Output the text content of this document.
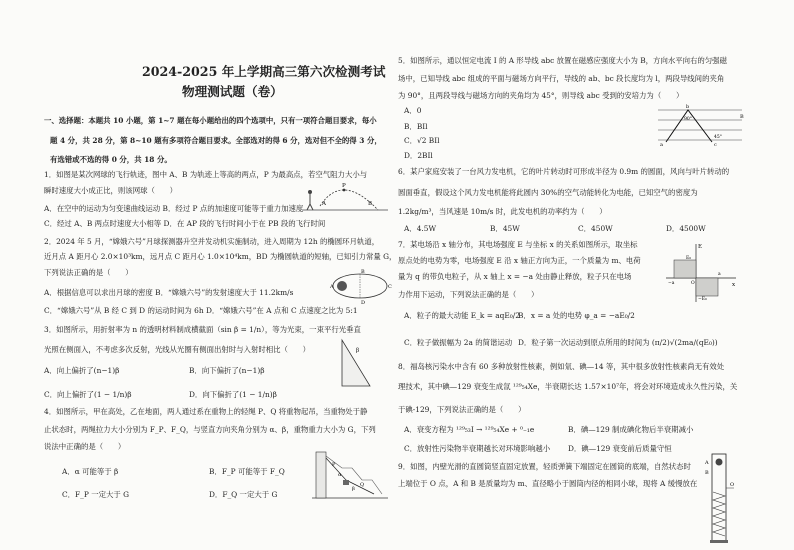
2024-2025 年上学期高三第六次检测考试
物理测试题（卷）
一、选择题：本题共 10 小题，第 1~7 题在每小题给出的四个选项中，只有一项符合题目要求，每小
题 4 分，共 28 分，第 8~10 题有多项符合题目要求。全部选对的得 6 分，选对但不全的得 3 分，
有选错或不选的得 0 分，共 18 分。
1．如图是某次网球的飞行轨迹，图中 A、B 为轨迹上等高的两点，P 为最高点，若空气阻力大小与
瞬时速度大小成正比，则该网球（　　）
A．在空中的运动为匀变速曲线运动 B．经过 P 点的加速度可能等于重力加速度
C．经过 A、B 两点时速度大小相等 D．在 AP 段的飞行时间小于在 PB 段的飞行时间
P
A	B
2．2024 年 5 月，“嫦娥六号”月球探测器升空并发动机实施制动，进入周期为 12h 的椭圆环月轨道，
近月点 A 距月心 2.0×10³km，远月点 C 距月心 1.0×10⁴km，BD 为椭圆轨道的短轴，已知引力常量 G，
下列说法正确的是（　　）
A．根据信息可以求出月球的密度 B．“嫦娥六号”的发射速度大于 11.2km/s
C．“嫦娥六号”从 B 经 C 到 D 的运动时间为 6h D．“嫦娥六号”在 A 点和 C 点速度之比为 5:1
A
B
C
D
3．如图所示，用折射率为 n 的透明材料制成横截面（sin β = 1/n），等为光束，一束平行光垂直
光照在侧面入，不考虑多次反射，光线从光圈有侧面出射时与入射时相比（　　）
A．向上偏折了(n−1)β	B．向下偏折了(n−1)β
C．向上偏折了(1 − 1/n)β	D．向下偏折了(1 − 1/n)β
β
4．如图所示，甲在高处，乙在地面，两人通过系在重物上的轻绳 P、Q 将重物起吊，当重物处于静
止状态时，两绳拉力大小分别为 F_P、F_Q，与竖直方向夹角分别为 α、β，重物重力大小为 G，下列
说法中正确的是（　　）
A．α 可能等于 β	B．F_P 可能等于 F_Q
C．F_P 一定大于 G	D．F_Q 一定大于 G
P
Q
α
β
5．如图所示，通以恒定电流 I 的 A 形导线 abc 放置在磁感应强度大小为 B，方向水平向右的匀强磁
场中，已知导线 abc 组成的平面与磁场方向平行，导线的 ab、bc 段长度均为 l，两段导线间的夹角
为 90°，且两段导线与磁场方向的夹角均为 45°，则导线 abc 受到的安培力为（　　）
A．0
B．BIl
C．√2 BIl
D．2BIl
a
b
c
B
90°
45°
6．某户家庭安装了一台风力发电机，它的叶片转动时可形成半径为 0.9m 的圆面，风向与叶片转动的
圆面垂直，假设这个风力发电机能将此圆内 30%的空气动能转化为电能，已知空气的密度为
1.2kg/m³，当风速是 10m/s 时，此发电机的功率约为（　　）
A．4.5W	B．45W	C．450W	D．4500W
7．某电场沿 x 轴分布，其电场强度 E 与坐标 x 的关系如图所示，取坐标
原点处的电势为零，电场强度 E 沿 x 轴正方向为正，一个质量为 m、电荷
量为 q 的带负电粒子，从 x 轴上 x = −a 处由静止释放，粒子只在电场
力作用下运动，下列说法正确的是（　　）
A．粒子的最大动能 E_k = aqE₀/2
B．x = a 处的电势 φ_a = −aE₀/2
C．粒子做振幅为 2a 的简谐运动 D．粒子第一次运动到原点所用的时间为 (π/2)√(2ma/(qE₀))
E
x
E₀
−E₀
−a
a
O
8．福岛核污染水中含有 60 多种放射性核素，例如氚、碘—14 等，其中很多放射性核素尚无有效处
理技术，其中碘—129 衰变生成氙 ¹²⁹₅₄Xe，半衰期长达 1.57×10⁷年，将会对环境造成永久性污染，关
于碘-129，下列说法正确的是（　　）
A．衰变方程为 ¹²⁹₅₃I → ¹²⁹₅₄Xe + ⁰₋₁e	B．碘—129 制成碘化物后半衰期减小
C．放射性污染物半衰期越长对环境影响越小 D．碘—129 衰变前后质量守恒
9．如图，内壁光滑的直圆筒竖直固定放置，轻质弹簧下端固定在圆筒的底端，自然状态时
上端位于 O 点，A 和 B 是质量均为 m、直径略小于圆筒内径的相同小球，现将 A 缓慢放在
A
B
O
